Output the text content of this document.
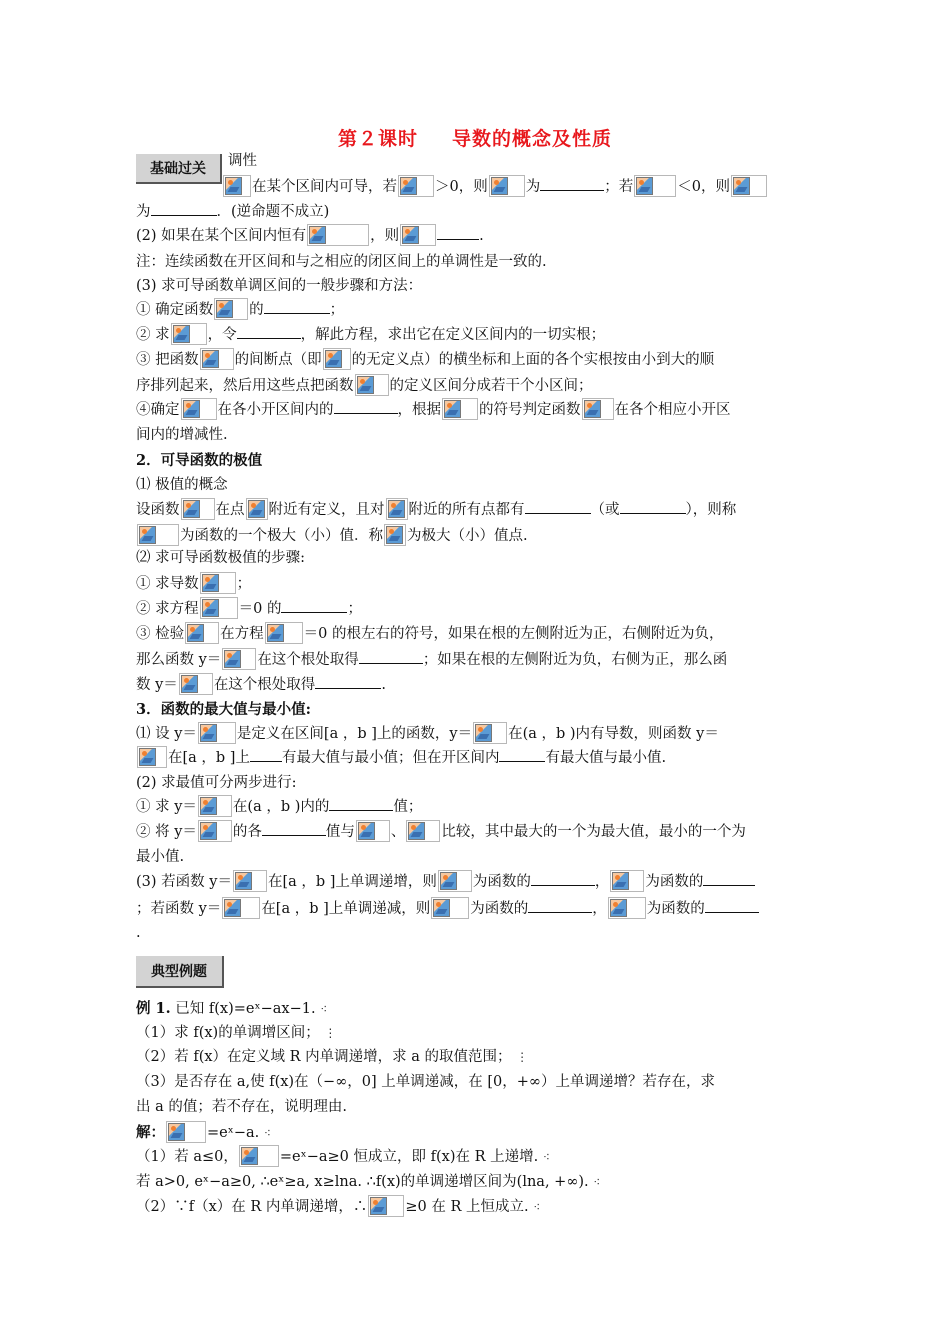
第２课时 导数的概念及性质
基础过关	调性
在某个区间内可导，若	＞0，则	为	；若	＜0，则
为	．(逆命题不成立)
(2) 如果在某个区间内恒有	，则	.
注：连续函数在开区间和与之相应的闭区间上的单调性是一致的.
(3) 求可导函数单调区间的一般步骤和方法：
① 确定函数 的	；
② 求	，令	，解此方程，求出它在定义区间内的一切实根；
③ 把函数 的间断点（即 的无定义点）的横坐标和上面的各个实根按由小到大的顺
序排列起来，然后用这些点把函数 的定义区间分成若干个小区间；
④确定	在各小开区间内的	，根据	的符号判定函数 在各个相应小开区
间内的增减性.
2．可导函数的极值
⑴ 极值的概念
设函数 在点 附近有定义，且对 附近的所有点都有	（或	），则称
为函数的一个极大（小）值．称 为极大（小）值点.
⑵ 求可导函数极值的步骤:
① 求导数	；
② 求方程	＝0 的	；
③ 检验 在方程	＝0 的根左右的符号，如果在根的左侧附近为正，右侧附近为负，
那么函数 y＝ 在这个根处取得	；如果在根的左侧附近为负，右侧为正，那么函
数 y＝ 在这个根处取得	.
3．函数的最大值与最小值:
⑴ 设 y＝	是定义在区间[a ，b ]上的函数，y＝ 在(a ，b )内有导数，则函数 y＝
在[a ，b ]上 有最大值与最小值；但在开区间内	有最大值与最小值.
(2) 求最值可分两步进行:
① 求 y＝ 在(a ，b )内的	值；
② 将 y＝ 的各	值与 、 比较，其中最大的一个为最大值，最小的一个为
最小值.
(3) 若函数 y＝ 在[a ，b ]上单调递增，则 为函数的	， 为函数的
；若函数 y＝	在[a ，b ]上单调递减，则	为函数的	，	为函数的
.
典型例题
例 1. 已知 f(x)=eˣ−ax−1. ⁖
（1）求 f(x)的单调增区间； ⋮
（2）若 f(x）在定义域 R 内单调递增，求 a 的取值范围； ⋮
（3）是否存在 a,使 f(x)在（−∞，0] 上单调递减，在 [0，+∞）上单调递增？若存在，求
出 a 的值；若不存在，说明理由.
解：	=eˣ−a. ⁖
（1）若 a≤0，	=eˣ−a≥0 恒成立，即 f(x)在 R 上递增. ⁖
若 a>0, eˣ−a≥0, ∴eˣ≥a, x≥lna. ∴f(x)的单调递增区间为(lna, +∞). ⁖
（2）∵f（x）在 R 内单调递增，∴	≥0 在 R 上恒成立. ⁖
